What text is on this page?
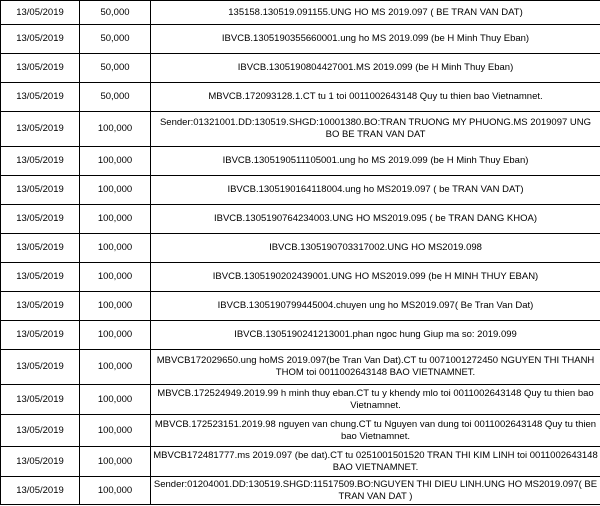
13/05/2019	50,000	135158.130519.091155.UNG HO MS 2019.097 ( BE TRAN VAN DAT)
13/05/2019	50,000	IBVCB.1305190355660001.ung ho MS 2019.099 (be H Minh Thuy Eban)
13/05/2019	50,000	IBVCB.1305190804427001.MS 2019.099 (be H Minh Thuy Eban)
13/05/2019	50,000	MBVCB.172093128.1.CT tu 1 toi 0011002643148 Quy tu thien bao Vietnamnet.
13/05/2019	100,000	Sender:01321001.DD:130519.SHGD:10001380.BO:TRAN TRUONG MY PHUONG.MS 2019097 UNG BO BE TRAN VAN DAT
13/05/2019	100,000	IBVCB.1305190511105001.ung ho MS 2019.099 (be H Minh Thuy Eban)
13/05/2019	100,000	IBVCB.1305190164118004.ung ho MS2019.097 ( be TRAN VAN DAT)
13/05/2019	100,000	IBVCB.1305190764234003.UNG HO MS2019.095 ( be TRAN DANG KHOA)
13/05/2019	100,000	IBVCB.1305190703317002.UNG HO MS2019.098
13/05/2019	100,000	IBVCB.1305190202439001.UNG HO MS2019.099 (be H MINH THUY EBAN)
13/05/2019	100,000	IBVCB.1305190799445004.chuyen ung ho MS2019.097( Be Tran Van Dat)
13/05/2019	100,000	IBVCB.1305190241213001.phan ngoc hung Giup ma so: 2019.099
13/05/2019	100,000	MBVCB172029650.ung hoMS 2019.097(be Tran Van Dat).CT tu 0071001272450 NGUYEN THI THANH THOM toi 0011002643148 BAO VIETNAMNET.
13/05/2019	100,000	MBVCB.172524949.2019.99 h minh thuy eban.CT tu y khendy mlo toi 0011002643148 Quy tu thien bao Vietnamnet.
13/05/2019	100,000	MBVCB.172523151.2019.98 nguyen van chung.CT tu Nguyen van dung toi 0011002643148 Quy tu thien bao Vietnamnet.
13/05/2019	100,000	MBVCB172481777.ms 2019.097 (be dat).CT tu 0251001501520 TRAN THI KIM LINH toi 0011002643148 BAO VIETNAMNET.
13/05/2019	100,000	Sender:01204001.DD:130519.SHGD:11517509.BO:NGUYEN THI DIEU LINH.UNG HO MS2019.097( BE TRAN VAN DAT )
